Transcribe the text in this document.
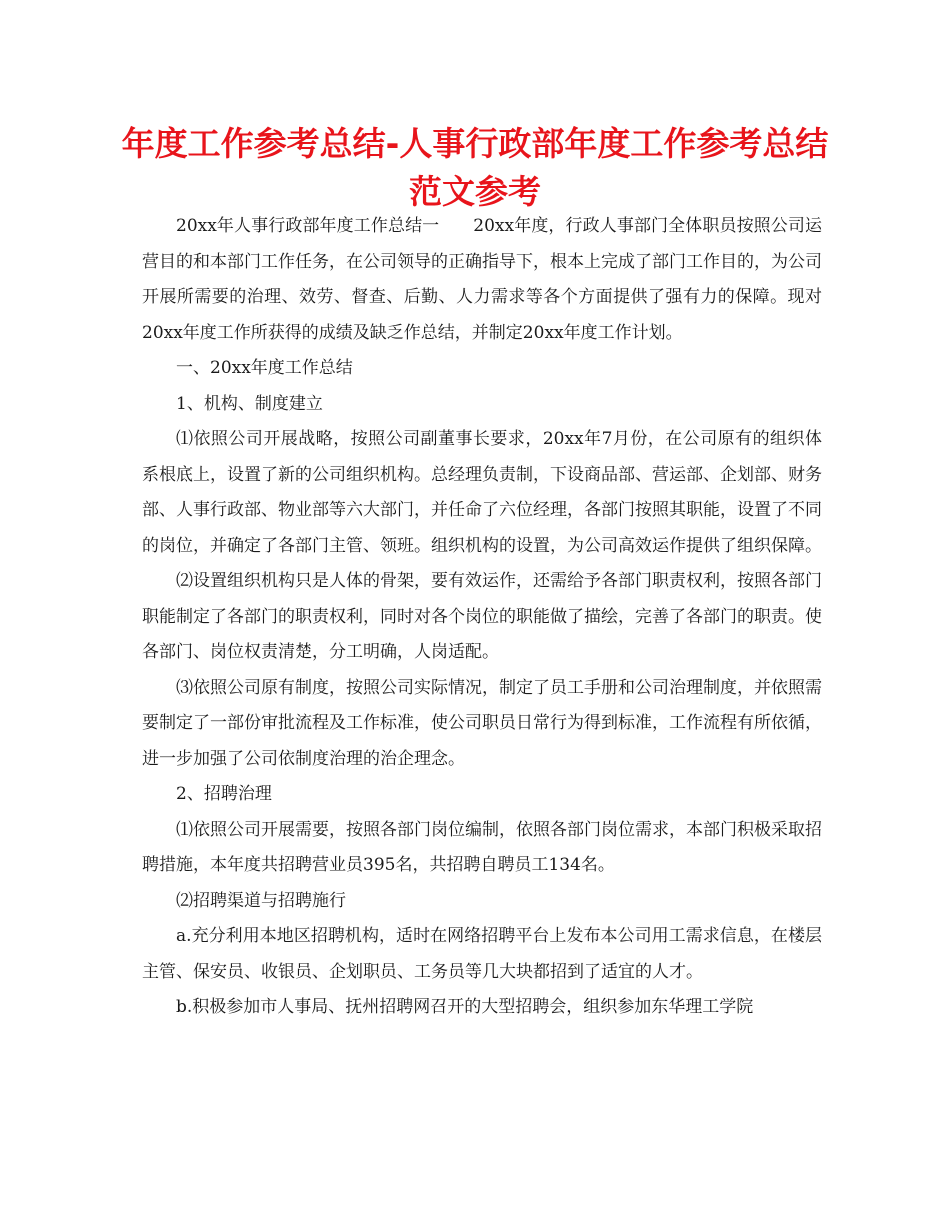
年度工作参考总结-人事行政部年度工作参考总结范文参考

20xx年人事行政部年度工作总结一 20xx年度，行政人事部门全体职员按照公司运营目的和本部门工作任务，在公司领导的正确指导下，根本上完成了部门工作目的，为公司开展所需要的治理、效劳、督查、后勤、人力需求等各个方面提供了强有力的保障。现对20xx年度工作所获得的成绩及缺乏作总结，并制定20xx年度工作计划。

一、20xx年度工作总结

1、机构、制度建立

⑴依照公司开展战略，按照公司副董事长要求，20xx年7月份，在公司原有的组织体系根底上，设置了新的公司组织机构。总经理负责制，下设商品部、营运部、企划部、财务部、人事行政部、物业部等六大部门，并任命了六位经理，各部门按照其职能，设置了不同的岗位，并确定了各部门主管、领班。组织机构的设置，为公司高效运作提供了组织保障。

⑵设置组织机构只是人体的骨架，要有效运作，还需给予各部门职责权利，按照各部门职能制定了各部门的职责权利，同时对各个岗位的职能做了描绘，完善了各部门的职责。使各部门、岗位权责清楚，分工明确，人岗适配。

⑶依照公司原有制度，按照公司实际情况，制定了员工手册和公司治理制度，并依照需要制定了一部份审批流程及工作标准，使公司职员日常行为得到标准，工作流程有所依循，进一步加强了公司依制度治理的治企理念。

2、招聘治理

⑴依照公司开展需要，按照各部门岗位编制，依照各部门岗位需求，本部门积极采取招聘措施，本年度共招聘营业员395名，共招聘自聘员工134名。

⑵招聘渠道与招聘施行

a.充分利用本地区招聘机构，适时在网络招聘平台上发布本公司用工需求信息，在楼层主管、保安员、收银员、企划职员、工务员等几大块都招到了适宜的人才。

b.积极参加市人事局、抚州招聘网召开的大型招聘会，组织参加东华理工学院
